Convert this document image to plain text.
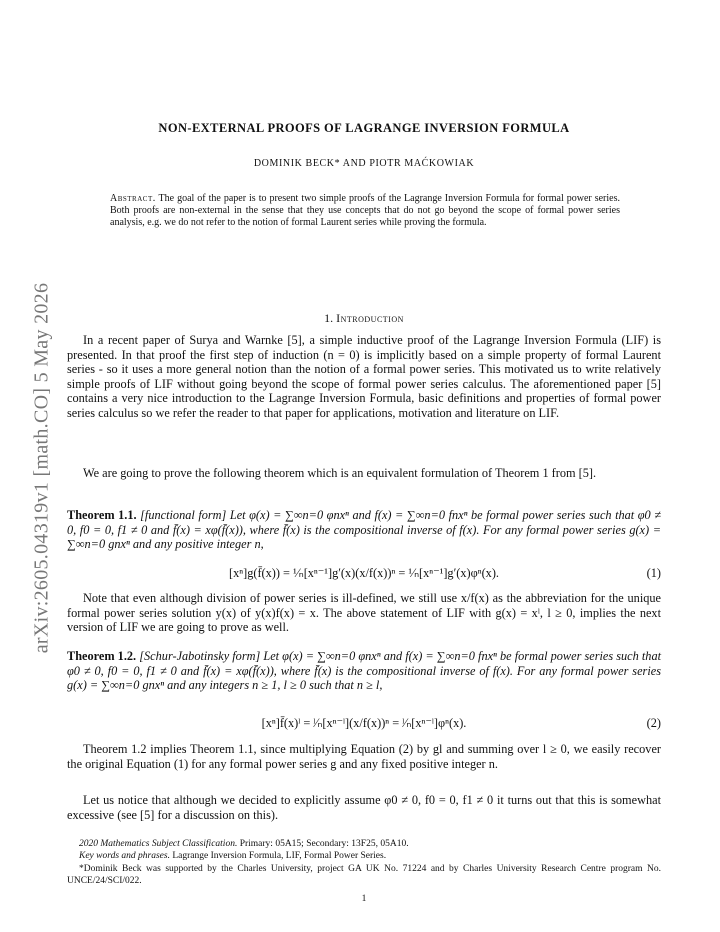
arXiv:2605.04319v1 [math.CO] 5 May 2026
NON-EXTERNAL PROOFS OF LAGRANGE INVERSION FORMULA
DOMINIK BECK* AND PIOTR MAĆKOWIAK
Abstract. The goal of the paper is to present two simple proofs of the Lagrange Inversion Formula for formal power series. Both proofs are non-external in the sense that they use concepts that do not go beyond the scope of formal power series analysis, e.g. we do not refer to the notion of formal Laurent series while proving the formula.
1. Introduction
In a recent paper of Surya and Warnke [5], a simple inductive proof of the Lagrange Inversion Formula (LIF) is presented. In that proof the first step of induction (n = 0) is implicitly based on a simple property of formal Laurent series - so it uses a more general notion than the notion of a formal power series. This motivated us to write relatively simple proofs of LIF without going beyond the scope of formal power series calculus. The aforementioned paper [5] contains a very nice introduction to the Lagrange Inversion Formula, basic definitions and properties of formal power series calculus so we refer the reader to that paper for applications, motivation and literature on LIF.
We are going to prove the following theorem which is an equivalent formulation of Theorem 1 from [5].
Theorem 1.1. [functional form] Let φ(x) = ∑∞n=0 φnxⁿ and f(x) = ∑∞n=0 fnxⁿ be formal power series such that φ0 ≠ 0, f0 = 0, f1 ≠ 0 and f̄(x) = xφ(f̄(x)), where f̄(x) is the compositional inverse of f(x). For any formal power series g(x) = ∑∞n=0 gnxⁿ and any positive integer n,
[xⁿ]g(f̄(x)) = ¹⁄ₙ[xⁿ⁻¹]g′(x)(x/f(x))ⁿ = ¹⁄ₙ[xⁿ⁻¹]g′(x)φⁿ(x).	(1)
Note that even although division of power series is ill-defined, we still use x/f(x) as the abbreviation for the unique formal power series solution y(x) of y(x)f(x) = x. The above statement of LIF with g(x) = xˡ, l ≥ 0, implies the next version of LIF we are going to prove as well.
Theorem 1.2. [Schur-Jabotinsky form] Let φ(x) = ∑∞n=0 φnxⁿ and f(x) = ∑∞n=0 fnxⁿ be formal power series such that φ0 ≠ 0, f0 = 0, f1 ≠ 0 and f̄(x) = xφ(f̄(x)), where f̄(x) is the compositional inverse of f(x). For any formal power series g(x) = ∑∞n=0 gnxⁿ and any integers n ≥ 1, l ≥ 0 such that n ≥ l,
[xⁿ]f̄(x)ˡ = ˡ⁄ₙ[xⁿ⁻ˡ](x/f(x))ⁿ = ˡ⁄ₙ[xⁿ⁻ˡ]φⁿ(x).	(2)
Theorem 1.2 implies Theorem 1.1, since multiplying Equation (2) by gl and summing over l ≥ 0, we easily recover the original Equation (1) for any formal power series g and any fixed positive integer n.
Let us notice that although we decided to explicitly assume φ0 ≠ 0, f0 = 0, f1 ≠ 0 it turns out that this is somewhat excessive (see [5] for a discussion on this).

2020 Mathematics Subject Classification. Primary: 05A15; Secondary: 13F25, 05A10.

Key words and phrases. Lagrange Inversion Formula, LIF, Formal Power Series.

*Dominik Beck was supported by the Charles University, project GA UK No. 71224 and by Charles University Research Centre program No. UNCE/24/SCI/022.

1
